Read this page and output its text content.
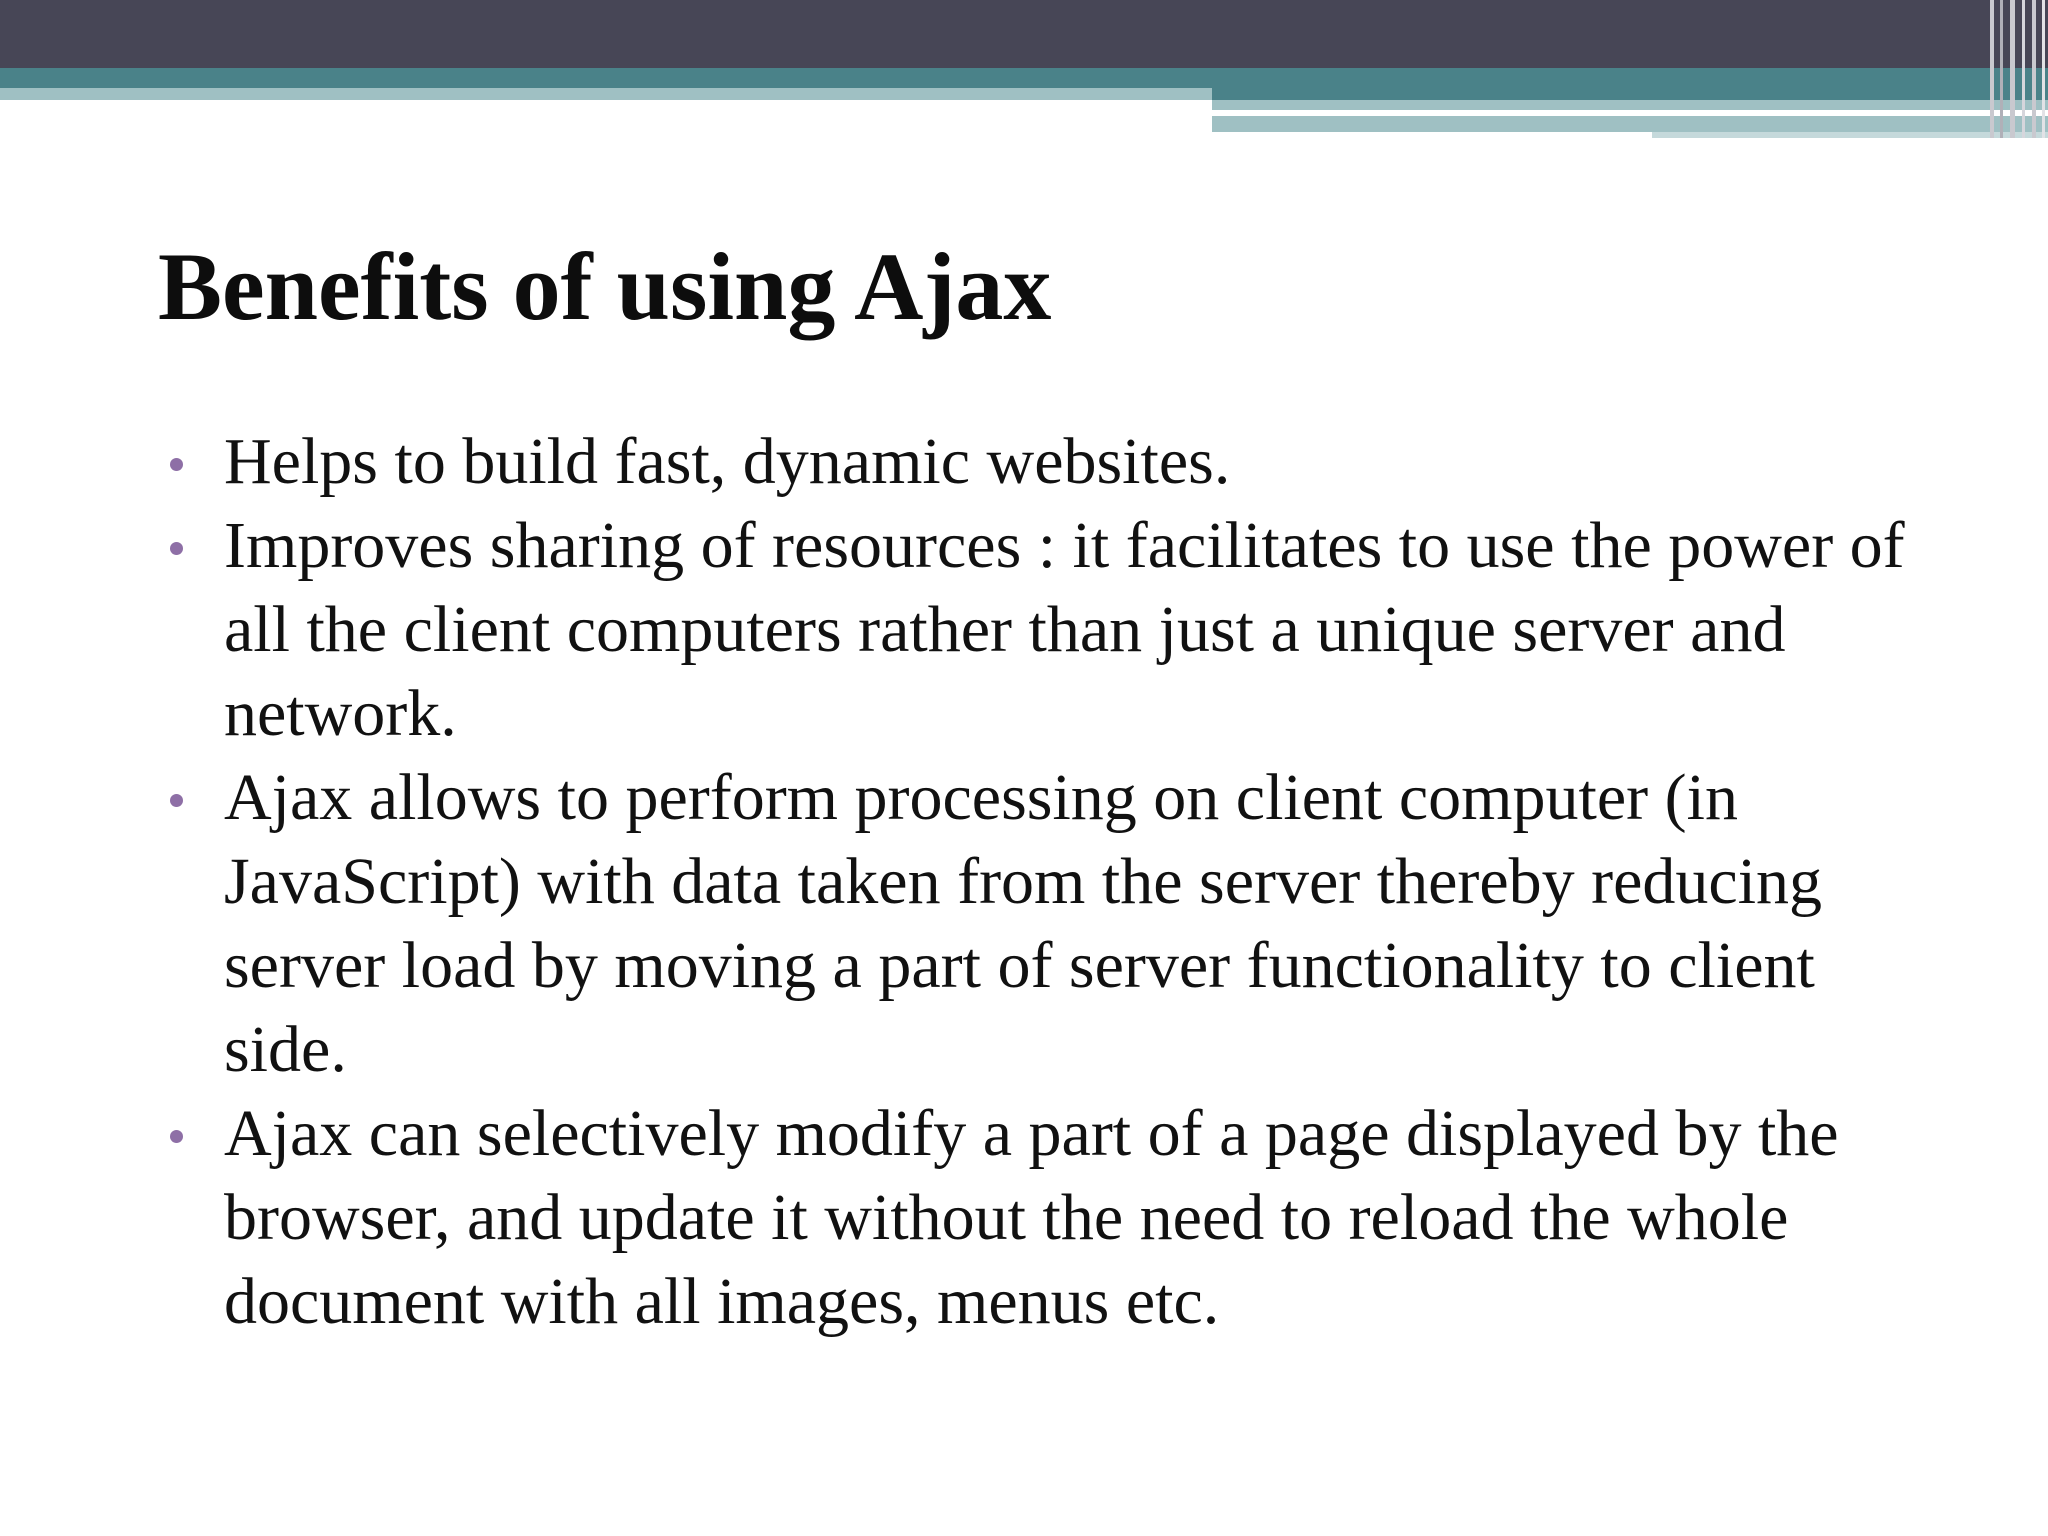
Benefits of using Ajax
Helps to build fast, dynamic websites.
Improves sharing of resources : it facilitates to use the power of all the client computers rather than just a unique server and network.
Ajax allows to perform processing on client computer (in JavaScript) with data taken from the server thereby reducing server load by moving a part of server functionality to client side.
Ajax can selectively modify a part of a page displayed by the browser, and update it without the need to reload the whole document with all images, menus etc.
